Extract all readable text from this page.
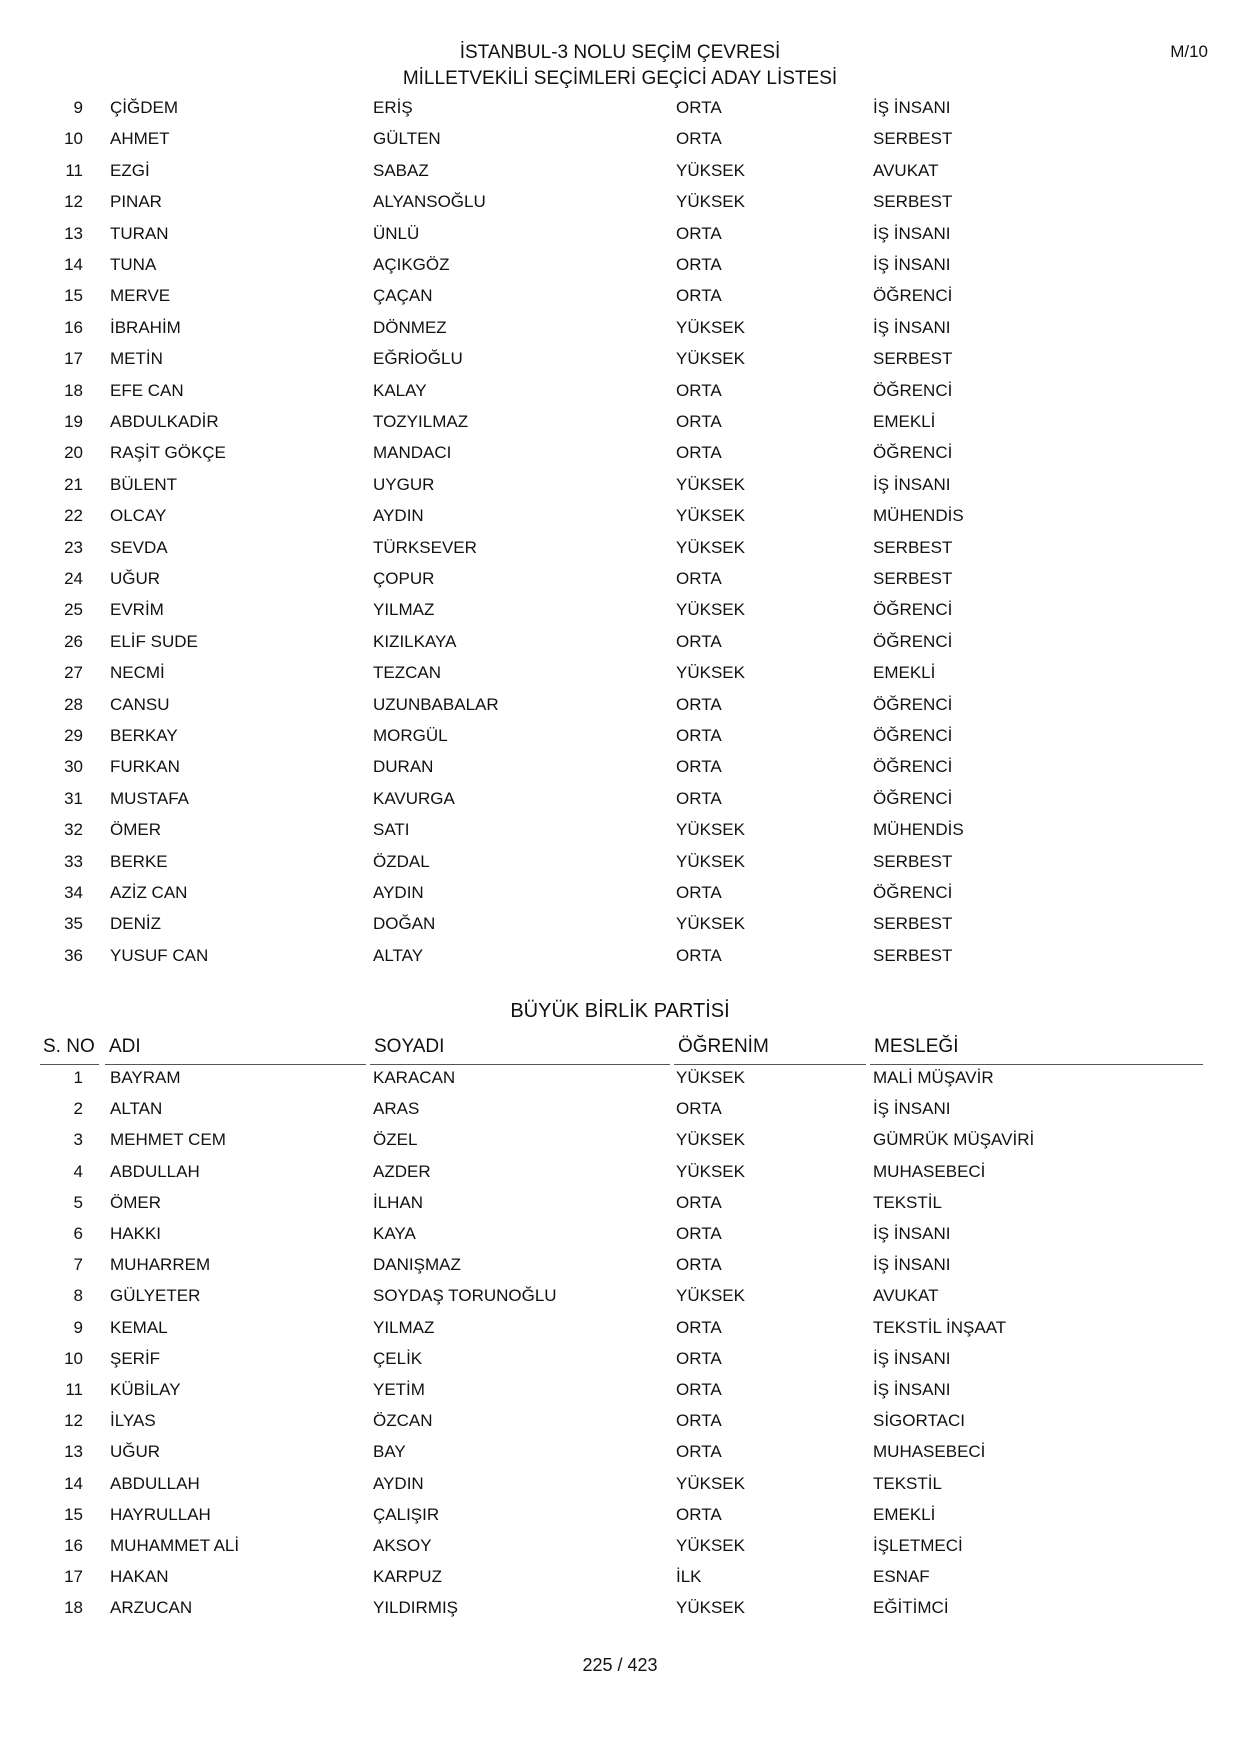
İSTANBUL-3 NOLU SEÇİM ÇEVRESİ
MİLLETVEKİLİ SEÇİMLERİ GEÇİCİ ADAY LİSTESİ
M/10
9 ÇİĞDEM	ERİŞ	ORTA	İŞ İNSANI
10 AHMET	GÜLTEN	ORTA	SERBEST
11 EZGİ	SABAZ	YÜKSEK	AVUKAT
12 PINAR	ALYANSOĞLU	YÜKSEK	SERBEST
13 TURAN	ÜNLÜ	ORTA	İŞ İNSANI
14 TUNA	AÇIKGÖZ	ORTA	İŞ İNSANI
15 MERVE	ÇAÇAN	ORTA	ÖĞRENCİ
16 İBRAHİM	DÖNMEZ	YÜKSEK	İŞ İNSANI
17 METİN	EĞRİOĞLU	YÜKSEK	SERBEST
18 EFE CAN	KALAY	ORTA	ÖĞRENCİ
19 ABDULKADİR	TOZYILMAZ	ORTA	EMEKLİ
20 RAŞİT GÖKÇE	MANDACI	ORTA	ÖĞRENCİ
21 BÜLENT	UYGUR	YÜKSEK	İŞ İNSANI
22 OLCAY	AYDIN	YÜKSEK	MÜHENDİS
23 SEVDA	TÜRKSEVER	YÜKSEK	SERBEST
24 UĞUR	ÇOPUR	ORTA	SERBEST
25 EVRİM	YILMAZ	YÜKSEK	ÖĞRENCİ
26 ELİF SUDE	KIZILKAYA	ORTA	ÖĞRENCİ
27 NECMİ	TEZCAN	YÜKSEK	EMEKLİ
28 CANSU	UZUNBABALAR	ORTA	ÖĞRENCİ
29 BERKAY	MORGÜL	ORTA	ÖĞRENCİ
30 FURKAN	DURAN	ORTA	ÖĞRENCİ
31 MUSTAFA	KAVURGA	ORTA	ÖĞRENCİ
32 ÖMER	SATI	YÜKSEK	MÜHENDİS
33 BERKE	ÖZDAL	YÜKSEK	SERBEST
34 AZİZ CAN	AYDIN	ORTA	ÖĞRENCİ
35 DENİZ	DOĞAN	YÜKSEK	SERBEST
36 YUSUF CAN	ALTAY	ORTA	SERBEST
BÜYÜK BİRLİK PARTİSİ
S. NO ADI	SOYADI	ÖĞRENİM	MESLEĞİ
1 BAYRAM	KARACAN	YÜKSEK	MALİ MÜŞAVİR
2 ALTAN	ARAS	ORTA	İŞ İNSANI
3 MEHMET CEM	ÖZEL	YÜKSEK	GÜMRÜK MÜŞAVİRİ
4 ABDULLAH	AZDER	YÜKSEK	MUHASEBECİ
5 ÖMER	İLHAN	ORTA	TEKSTİL
6 HAKKI	KAYA	ORTA	İŞ İNSANI
7 MUHARREM	DANIŞMAZ	ORTA	İŞ İNSANI
8 GÜLYETER	SOYDAŞ TORUNOĞLU	YÜKSEK	AVUKAT
9 KEMAL	YILMAZ	ORTA	TEKSTİL İNŞAAT
10 ŞERİF	ÇELİK	ORTA	İŞ İNSANI
11 KÜBİLAY	YETİM	ORTA	İŞ İNSANI
12 İLYAS	ÖZCAN	ORTA	SİGORTACI
13 UĞUR	BAY	ORTA	MUHASEBECİ
14 ABDULLAH	AYDIN	YÜKSEK	TEKSTİL
15 HAYRULLAH	ÇALIŞIR	ORTA	EMEKLİ
16 MUHAMMET ALİ	AKSOY	YÜKSEK	İŞLETMECİ
17 HAKAN	KARPUZ	İLK	ESNAF
18 ARZUCAN	YILDIRMIŞ	YÜKSEK	EĞİTİMCİ
225 / 423
